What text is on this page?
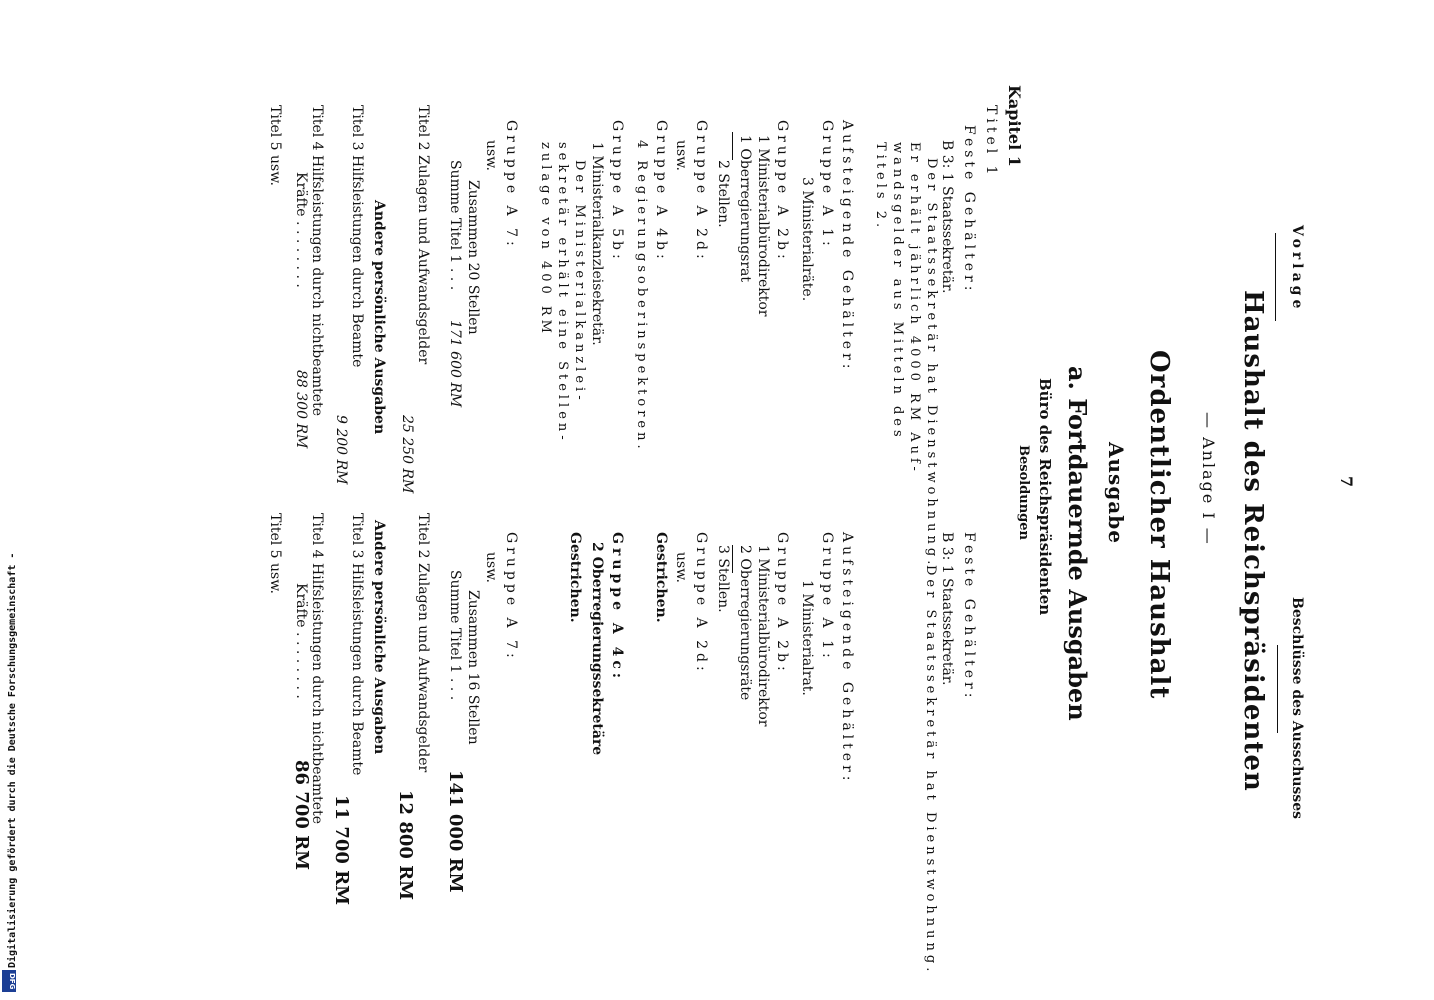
Vorlage
7
Beschlüsse des Ausschusses
Haushalt des Reichspräsidenten
— Anlage I —
Ordentlicher Haushalt
Ausgabe
a. Fortdauernde Ausgaben
Büro des Reichspräsidenten
Besoldungen
Kapitel 1
Titel 1
Feste Gehälter:
B 3: 1 Staatssekretär.
Der Staatssekretär hat Dienstwohnung.
Er erhält jährlich 4000 RM Auf-
wandsgelder aus Mitteln des
Titels 2.
Aufsteigende Gehälter:
Gruppe A 1:
3 Ministerialräte.
Gruppe A 2b:
1 Ministerialbürodirektor
1 Oberregierungsrat
2 Stellen.
Gruppe A 2d:
usw.
Gruppe A 4b:
4 Regierungsoberinspektoren.
Gruppe A 5b:
1 Ministerialkanzleisekretär.
Der Ministerialkanzlei-
sekretär erhält eine Stellen-
zulage von 400 RM
Gruppe A 7:
usw.
Zusammen 20 Stellen
Summe Titel 1 . . .
171 600 RM
Titel 2 Zulagen und Aufwandsgelder
25 250 RM
Andere persönliche Ausgaben
Titel 3 Hilfsleistungen durch Beamte
9 200 RM
Titel 4 Hilfsleistungen durch nichtbeamtete
Kräfte . . . . . . . .
88 300 RM
Titel 5 usw.
Feste Gehälter:
B 3: 1 Staatssekretär.
Der Staatssekretär hat Dienstwohnung.
Aufsteigende Gehälter:
Gruppe A 1:
1 Ministerialrat.
Gruppe A 2b:
1 Ministerialbürodirektor
2 Oberregierungsräte
3 Stellen.
Gruppe A 2d:
usw.
Gestrichen.
Gruppe A 4c:
2 Oberregierungssekretäre
Gestrichen.
Gruppe A 7:
usw.
Zusammen 16 Stellen
Summe Titel 1 . . .
141 000 RM
Titel 2 Zulagen und Aufwandsgelder
12 800 RM
Andere persönliche Ausgaben
Titel 3 Hilfsleistungen durch Beamte
11 700 RM
Titel 4 Hilfsleistungen durch nichtbeamtete
Kräfte . . . . . . . .
86 700 RM
Titel 5 usw.
Digitalisierung gefördert durch die Deutsche Forschungsgemeinschaft -
DFG
